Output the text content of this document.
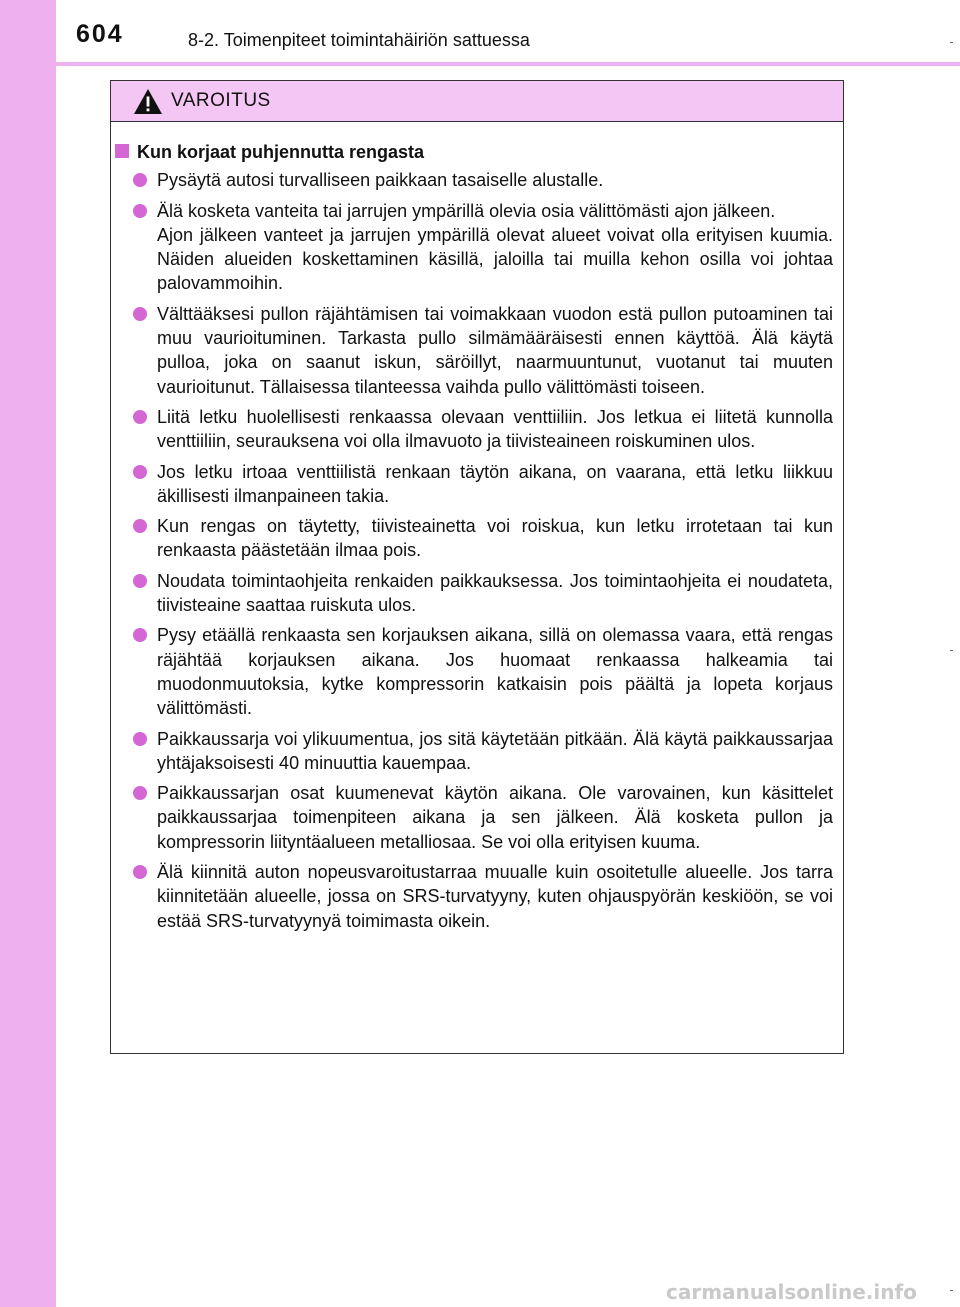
604	8-2. Toimenpiteet toimintahäiriön sattuessa
VAROITUS
Kun korjaat puhjennutta rengasta
Pysäytä autosi turvalliseen paikkaan tasaiselle alustalle.
Älä kosketa vanteita tai jarrujen ympärillä olevia osia välittömästi ajon jälkeen.
Ajon jälkeen vanteet ja jarrujen ympärillä olevat alueet voivat olla erityisen kuumia. Näiden alueiden koskettaminen käsillä, jaloilla tai muilla kehon osilla voi johtaa palovammoihin.
Välttääksesi pullon räjähtämisen tai voimakkaan vuodon estä pullon putoaminen tai muu vaurioituminen. Tarkasta pullo silmämääräisesti ennen käyttöä. Älä käytä pulloa, joka on saanut iskun, säröillyt, naarmuuntunut, vuotanut tai muuten vaurioitunut. Tällaisessa tilanteessa vaihda pullo välittömästi toiseen.
Liitä letku huolellisesti renkaassa olevaan venttiiliin. Jos letkua ei liitetä kunnolla venttiiliin, seurauksena voi olla ilmavuoto ja tiivisteaineen roiskuminen ulos.
Jos letku irtoaa venttiilistä renkaan täytön aikana, on vaarana, että letku liikkuu äkillisesti ilmanpaineen takia.
Kun rengas on täytetty, tiivisteainetta voi roiskua, kun letku irrotetaan tai kun renkaasta päästetään ilmaa pois.
Noudata toimintaohjeita renkaiden paikkauksessa. Jos toimintaohjeita ei noudateta, tiivisteaine saattaa ruiskuta ulos.
Pysy etäällä renkaasta sen korjauksen aikana, sillä on olemassa vaara, että rengas räjähtää korjauksen aikana. Jos huomaat renkaassa halkeamia tai muodonmuutoksia, kytke kompressorin katkaisin pois päältä ja lopeta korjaus välittömästi.
Paikkaussarja voi ylikuumentua, jos sitä käytetään pitkään. Älä käytä paikkaussarjaa yhtäjaksoisesti 40 minuuttia kauempaa.
Paikkaussarjan osat kuumenevat käytön aikana. Ole varovainen, kun käsittelet paikkaussarjaa toimenpiteen aikana ja sen jälkeen. Älä kosketa pullon ja kompressorin liityntäalueen metalliosaa. Se voi olla erityisen kuuma.
Älä kiinnitä auton nopeusvaroitustarraa muualle kuin osoitetulle alueelle. Jos tarra kiinnitetään alueelle, jossa on SRS-turvatyyny, kuten ohjauspyörän keskiöön, se voi estää SRS-turvatyynyä toimimasta oikein.
carmanualsonline.info
